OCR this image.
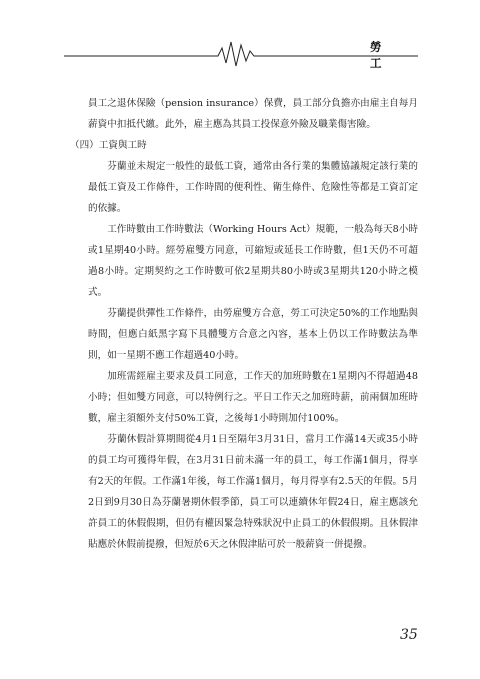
勞工

員工之退休保險（pension insurance）保費，員工部分負擔亦由雇主自每月薪資中扣抵代繳。此外，雇主應為其員工投保意外險及職業傷害險。

（四）工資與工時

芬蘭並未規定一般性的最低工資，通常由各行業的集體協議規定該行業的最低工資及工作條件，工作時間的便利性、衛生條件、危險性等都是工資訂定的依據。

工作時數由工作時數法（Working Hours Act）規範，一般為每天8小時或1星期40小時。經勞雇雙方同意，可縮短或延長工作時數，但1天仍不可超過8小時。定期契約之工作時數可依2星期共80小時或3星期共120小時之模式。

芬蘭提供彈性工作條件，由勞雇雙方合意，勞工可決定50%的工作地點與時間，但應白紙黑字寫下具體雙方合意之內容，基本上仍以工作時數法為準則，如一星期不應工作超過40小時。

加班需經雇主要求及員工同意，工作天的加班時數在1星期內不得超過48小時；但如雙方同意，可以特例行之。平日工作天之加班時薪，前兩個加班時數，雇主須額外支付50%工資，之後每1小時則加付100%。

芬蘭休假計算期間從4月1日至隔年3月31日，當月工作滿14天或35小時的員工均可獲得年假，在3月31日前未滿一年的員工，每工作滿1個月，得享有2天的年假。工作滿1年後，每工作滿1個月，每月得享有2.5天的年假。5月2日到9月30日為芬蘭暑期休假季節，員工可以連續休年假24日，雇主應該允許員工的休假假期，但仍有權因緊急特殊狀況中止員工的休假假期。且休假津貼應於休假前提撥，但短於6天之休假津貼可於一般薪資一併提撥。

35
